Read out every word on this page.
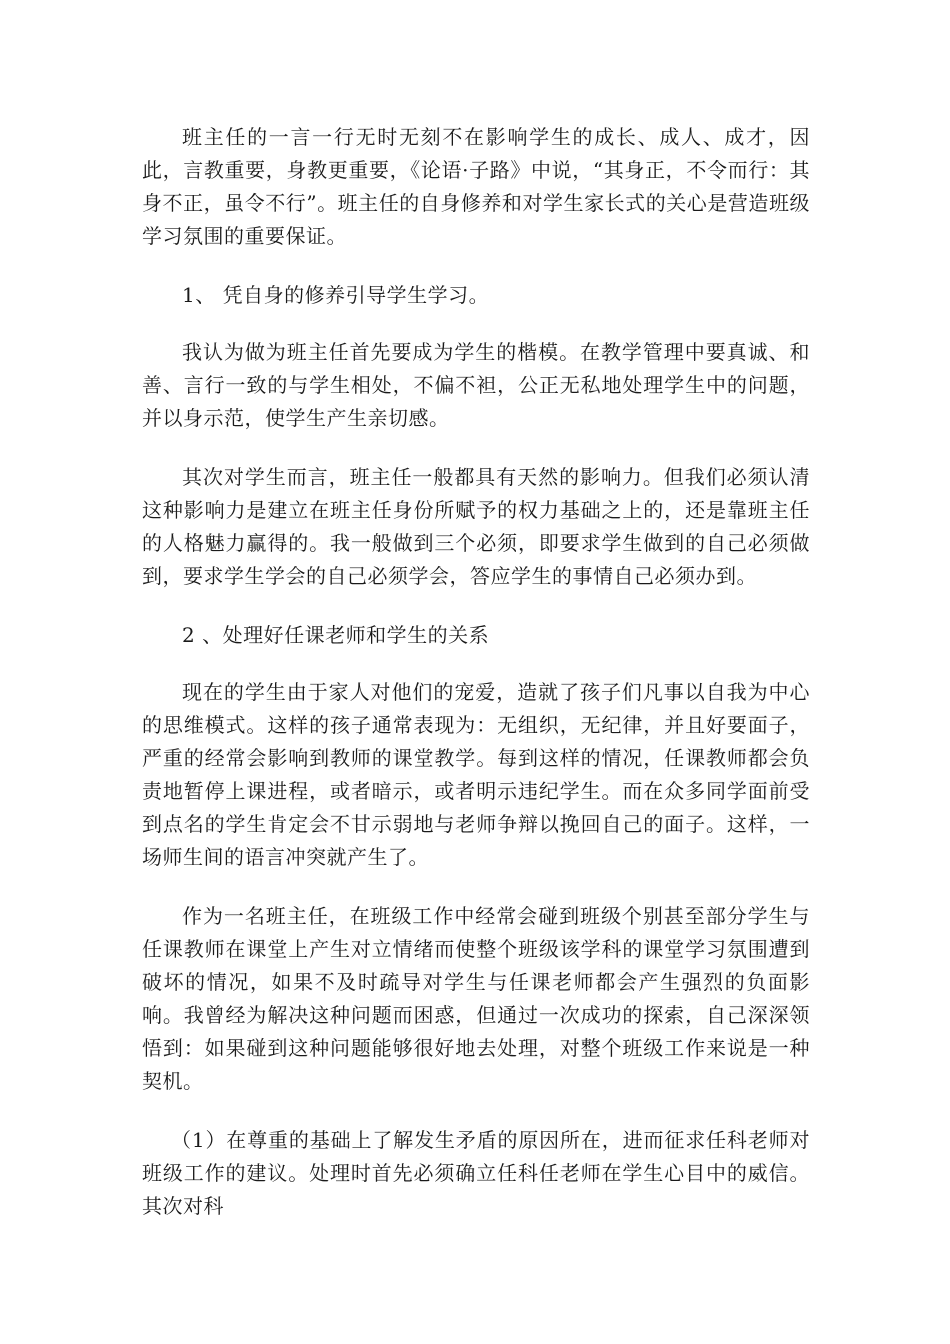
班主任的一言一行无时无刻不在影响学生的成长、成人、成才，因此，言教重要，身教更重要，《论语·子路》中说，“其身正，不令而行：其身不正，虽令不行”。班主任的自身修养和对学生家长式的关心是营造班级学习氛围的重要保证。

1、 凭自身的修养引导学生学习。

我认为做为班主任首先要成为学生的楷模。在教学管理中要真诚、和善、言行一致的与学生相处，不偏不袒，公正无私地处理学生中的问题，并以身示范，使学生产生亲切感。

其次对学生而言，班主任一般都具有天然的影响力。但我们必须认清这种影响力是建立在班主任身份所赋予的权力基础之上的，还是靠班主任的人格魅力赢得的。我一般做到三个必须，即要求学生做到的自己必须做到，要求学生学会的自己必须学会，答应学生的事情自己必须办到。

2 、处理好任课老师和学生的关系

现在的学生由于家人对他们的宠爱，造就了孩子们凡事以自我为中心的思维模式。这样的孩子通常表现为：无组织，无纪律，并且好要面子，严重的经常会影响到教师的课堂教学。每到这样的情况，任课教师都会负责地暂停上课进程，或者暗示，或者明示违纪学生。而在众多同学面前受到点名的学生肯定会不甘示弱地与老师争辩以挽回自己的面子。这样，一场师生间的语言冲突就产生了。

作为一名班主任，在班级工作中经常会碰到班级个别甚至部分学生与任课教师在课堂上产生对立情绪而使整个班级该学科的课堂学习氛围遭到破坏的情况，如果不及时疏导对学生与任课老师都会产生强烈的负面影响。我曾经为解决这种问题而困惑，但通过一次成功的探索，自己深深领悟到：如果碰到这种问题能够很好地去处理，对整个班级工作来说是一种契机。

（1）在尊重的基础上了解发生矛盾的原因所在，进而征求任科老师对班级工作的建议。处理时首先必须确立任科任老师在学生心目中的威信。其次对科
